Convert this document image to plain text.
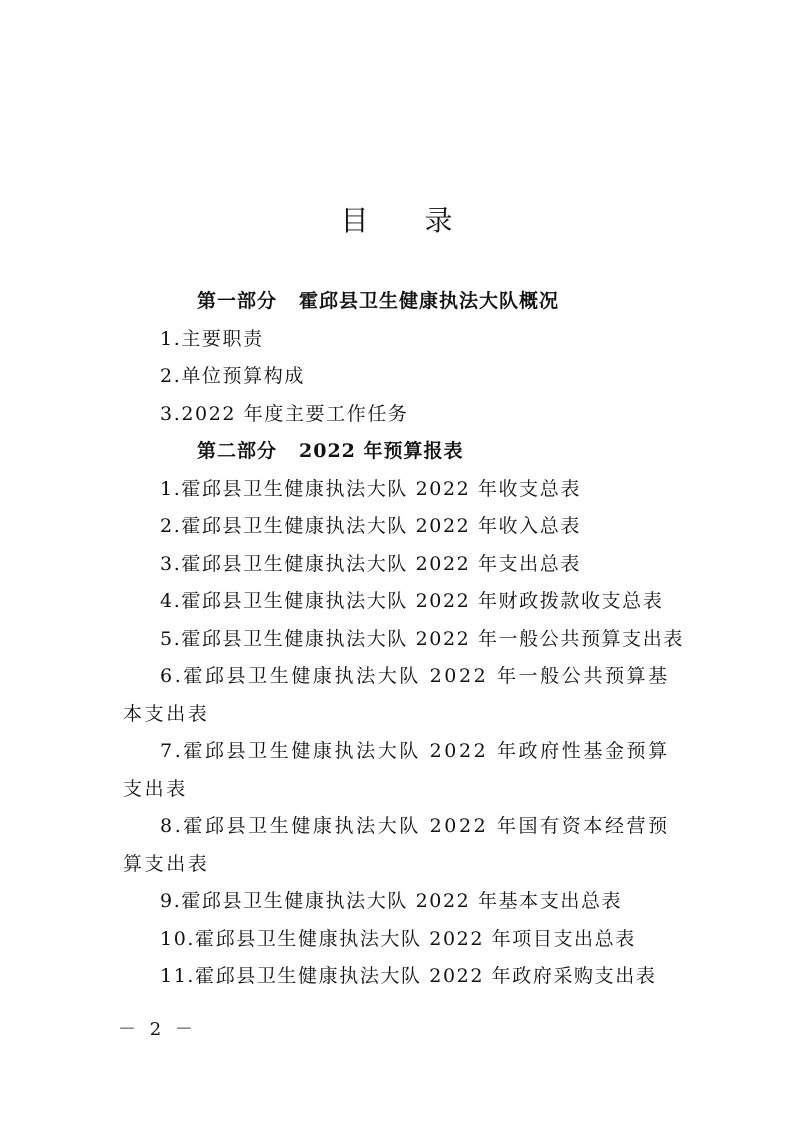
目 录
第一部分 霍邱县卫生健康执法大队概况
1.主要职责
2.单位预算构成
3.2022 年度主要工作任务
第二部分 2022 年预算报表
1.霍邱县卫生健康执法大队 2022 年收支总表
2.霍邱县卫生健康执法大队 2022 年收入总表
3.霍邱县卫生健康执法大队 2022 年支出总表
4.霍邱县卫生健康执法大队 2022 年财政拨款收支总表
5.霍邱县卫生健康执法大队 2022 年一般公共预算支出表
6.霍邱县卫生健康执法大队 2022 年一般公共预算基本支出表
7.霍邱县卫生健康执法大队 2022 年政府性基金预算支出表
8.霍邱县卫生健康执法大队 2022 年国有资本经营预算支出表
9.霍邱县卫生健康执法大队 2022 年基本支出总表
10.霍邱县卫生健康执法大队 2022 年项目支出总表
11.霍邱县卫生健康执法大队 2022 年政府采购支出表
－ 2 －
